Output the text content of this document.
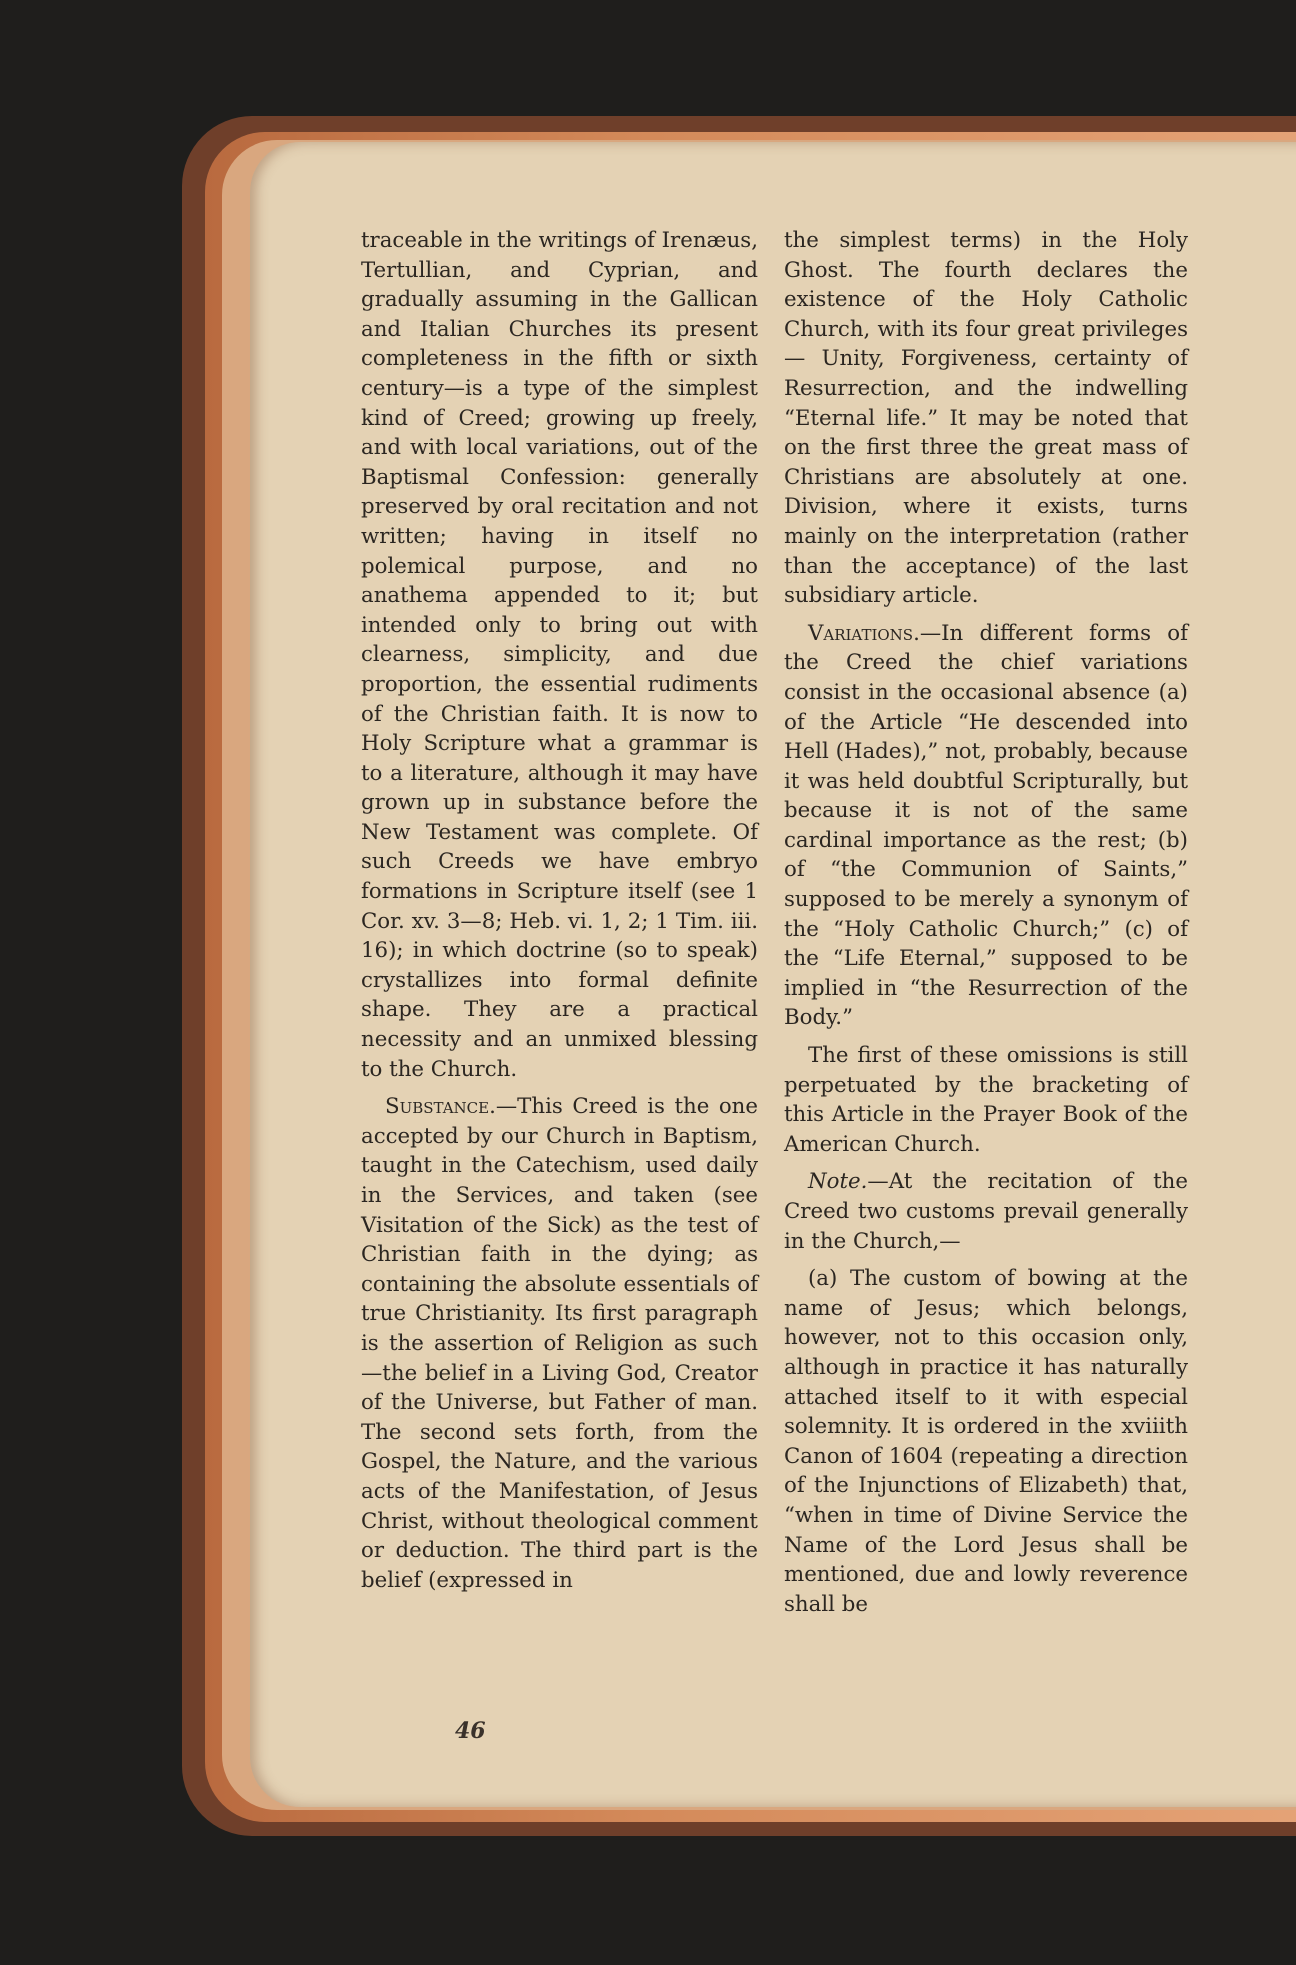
traceable in the writings of Irenæus, Tertullian, and Cyprian, and gradually assuming in the Gallican and Italian Churches its present completeness in the fifth or sixth century—is a type of the simplest kind of Creed; growing up freely, and with local variations, out of the Baptismal Confession: generally preserved by oral recitation and not written; having in itself no polemical purpose, and no anathema appended to it; but intended only to bring out with clearness, simplicity, and due proportion, the essential rudiments of the Christian faith. It is now to Holy Scripture what a grammar is to a literature, although it may have grown up in substance before the New Testament was complete. Of such Creeds we have embryo formations in Scripture itself (see 1 Cor. xv. 3—8; Heb. vi. 1, 2; 1 Tim. iii. 16); in which doctrine (so to speak) crystallizes into formal definite shape. They are a practical necessity and an unmixed blessing to the Church.

Substance.—This Creed is the one accepted by our Church in Baptism, taught in the Catechism, used daily in the Services, and taken (see Visitation of the Sick) as the test of Christian faith in the dying; as containing the absolute essentials of true Christianity. Its first paragraph is the assertion of Religion as such—the belief in a Living God, Creator of the Universe, but Father of man. The second sets forth, from the Gospel, the Nature, and the various acts of the Manifestation, of Jesus Christ, without theological comment or deduction. The third part is the belief (expressed in

the simplest terms) in the Holy Ghost. The fourth declares the existence of the Holy Catholic Church, with its four great privileges — Unity, Forgiveness, certainty of Resurrection, and the indwelling “Eternal life.” It may be noted that on the first three the great mass of Christians are absolutely at one. Division, where it exists, turns mainly on the interpretation (rather than the acceptance) of the last subsidiary article.

Variations.—In different forms of the Creed the chief variations consist in the occasional absence (a) of the Article “He descended into Hell (Hades),” not, probably, because it was held doubtful Scripturally, but because it is not of the same cardinal importance as the rest; (b) of “the Communion of Saints,” supposed to be merely a synonym of the “Holy Catholic Church;” (c) of the “Life Eternal,” supposed to be implied in “the Resurrection of the Body.”

The first of these omissions is still perpetuated by the bracketing of this Article in the Prayer Book of the American Church.

Note.—At the recitation of the Creed two customs prevail generally in the Church,—

(a) The custom of bowing at the name of Jesus; which belongs, however, not to this occasion only, although in practice it has naturally attached itself to it with especial solemnity. It is ordered in the xviiith Canon of 1604 (repeating a direction of the Injunctions of Elizabeth) that, “when in time of Divine Service the Name of the Lord Jesus shall be mentioned, due and lowly reverence shall be

46
